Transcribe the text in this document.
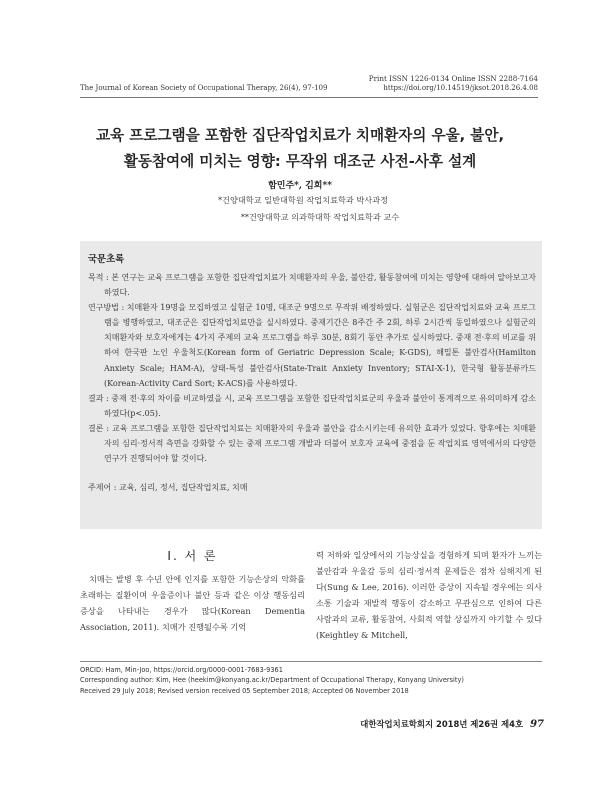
Print ISSN 1226-0134 Online ISSN 2288-7164
The Journal of Korean Society of Occupational Therapy, 26(4), 97-109	https://doi.org/10.14519/jksot.2018.26.4.08
교육 프로그램을 포함한 집단작업치료가 치매환자의 우울, 불안,
활동참여에 미치는 영향: 무작위 대조군 사전-사후 설계
함민주*, 김희**
*건양대학교 일반대학원 작업치료학과 박사과정
**건양대학교 의과학대학 작업치료학과 교수
국문초록
목적 : 본 연구는 교육 프로그램을 포함한 집단작업치료가 치매환자의 우울, 불안감, 활동참여에 미치는 영향에 대하여 알아보고자 하였다.
연구방법 : 치매환자 19명을 모집하였고 실험군 10명, 대조군 9명으로 무작위 배정하였다. 실험군은 집단작업치료와 교육 프로그램을 병행하였고, 대조군은 집단작업치료만을 실시하였다. 중재기간은 8주간 주 2회, 하루 2시간씩 동일하였으나 실험군의 치매환자와 보호자에게는 4가지 주제의 교육 프로그램을 하루 30분, 8회기 동안 추가로 실시하였다. 중재 전·후의 비교를 위하여 한국판 노인 우울척도(Korean form of Geriatric Depression Scale; K-GDS), 해밀톤 불안검사(Hamilton Anxiety Scale; HAM-A), 상태-특성 불안검사(State-Trait Anxiety Inventory; STAI-X-1), 한국형 활동분류카드(Korean-Activity Card Sort; K-ACS)를 사용하였다.
결과 : 중재 전·후의 차이를 비교하였을 시, 교육 프로그램을 포함한 집단작업치료군의 우울과 불안이 통계적으로 유의미하게 감소하였다(p<.05).
결론 : 교육 프로그램을 포함한 집단작업치료는 치매환자의 우울과 불안을 감소시키는데 유의한 효과가 있었다. 향후에는 치매환자의 심리·정서적 측면을 강화할 수 있는 중재 프로그램 개발과 더불어 보호자 교육에 중점을 둔 작업치료 영역에서의 다양한 연구가 진행되어야 할 것이다.
주제어 : 교육, 심리, 정서, 집단작업치료, 치매
Ⅰ. 서 론

치매는 발병 후 수년 안에 인지를 포함한 기능손상의 악화를 초래하는 질환이며 우울증이나 불안 등과 같은 이상 행동심리 증상을 나타내는 경우가 많다(Korean Dementia Association, 2011). 치매가 진행될수록 기억

력 저하와 일상에서의 기능상실을 경험하게 되며 환자가 느끼는 불안감과 우울감 등의 심리·정서적 문제들은 점차 심해지게 된다(Sung & Lee, 2016). 이러한 증상이 지속될 경우에는 의사소통 기술과 재발적 행동이 감소하고 무관심으로 인하여 다른 사람과의 교류, 활동참여, 사회적 역할 상실까지 야기할 수 있다(Keightley & Mitchell,

ORCID: Ham, Min-Joo, https://orcid.org/0000-0001-7683-9361
Corresponding author: Kim, Hee (heekim@konyang.ac.kr/Department of Occupational Therapy, Konyang University)
Received 29 July 2018; Revised version received 05 September 2018; Accepted 06 November 2018
대한작업치료학회지 2018년 제26권 제4호 97
